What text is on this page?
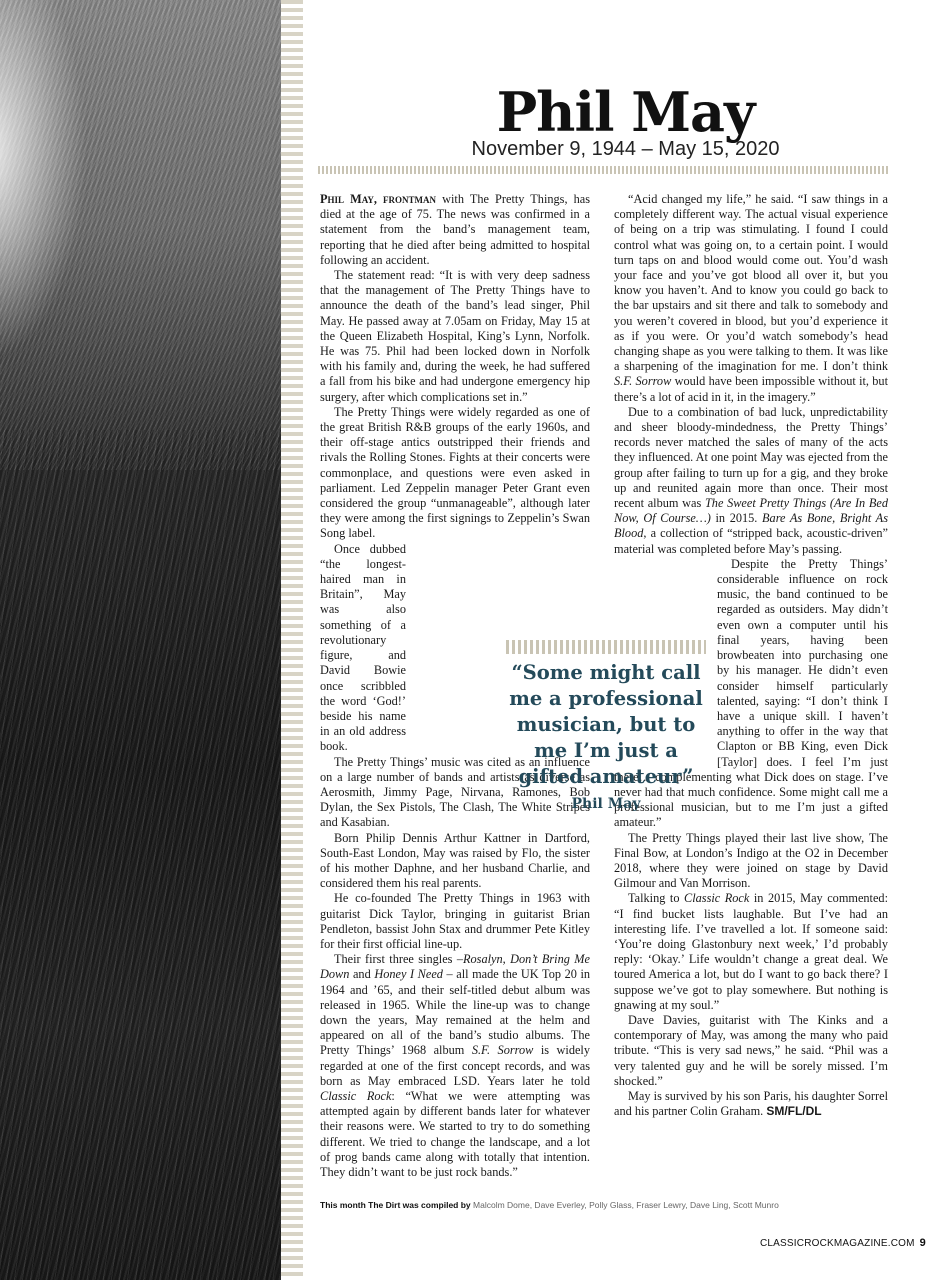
Phil May
November 9, 1944 – May 15, 2020

Phil May, frontman with The Pretty Things, has died at the age of 75. The news was confirmed in a statement from the band’s management team, reporting that he died after being admitted to hospital following an accident.

The statement read: “It is with very deep sadness that the management of The Pretty Things have to announce the death of the band’s lead singer, Phil May. He passed away at 7.05am on Friday, May 15 at the Queen Elizabeth Hospital, King’s Lynn, Norfolk. He was 75. Phil had been locked down in Norfolk with his family and, during the week, he had suffered a fall from his bike and had undergone emergency hip surgery, after which complications set in.”

The Pretty Things were widely regarded as one of the great British R&B groups of the early 1960s, and their off-stage antics outstripped their friends and rivals the Rolling Stones. Fights at their concerts were commonplace, and questions were even asked in parliament. Led Zeppelin manager Peter Grant even considered the group “unmanageable”, although later they were among the first signings to Zeppelin’s Swan Song label.

Once dubbed “the longest-haired man in Britain”, May was also something of a revolutionary figure, and David Bowie once scribbled the word ‘God!’ beside his name in an old address book.

The Pretty Things’ music was cited as an influence on a large number of bands and artists as diverse as Aerosmith, Jimmy Page, Nirvana, Ramones, Bob Dylan, the Sex Pistols, The Clash, The White Stripes and Kasabian.

Born Philip Dennis Arthur Kattner in Dartford, South-East London, May was raised by Flo, the sister of his mother Daphne, and her husband Charlie, and considered them his real parents.

He co-founded The Pretty Things in 1963 with guitarist Dick Taylor, bringing in guitarist Brian Pendleton, bassist John Stax and drummer Pete Kitley for their first official line-up.

Their first three singles –Rosalyn, Don’t Bring Me Down and Honey I Need – all made the UK Top 20 in 1964 and ’65, and their self-titled debut album was released in 1965. While the line-up was to change down the years, May remained at the helm and appeared on all of the band’s studio albums. The Pretty Things’ 1968 album S.F. Sorrow is widely regarded at one of the first concept records, and was born as May embraced LSD. Years later he told Classic Rock: “What we were attempting was attempted again by different bands later for whatever their reasons were. We started to try to do something different. We tried to change the landscape, and a lot of prog bands came along with totally that intention. They didn’t want to be just rock bands.”

“Acid changed my life,” he said. “I saw things in a completely different way. The actual visual experience of being on a trip was stimulating. I found I could control what was going on, to a certain point. I would turn taps on and blood would come out. You’d wash your face and you’ve got blood all over it, but you know you haven’t. And to know you could go back to the bar upstairs and sit there and talk to somebody and you weren’t covered in blood, but you’d experience it as if you were. Or you’d watch somebody’s head changing shape as you were talking to them. It was like a sharpening of the imagination for me. I don’t think S.F. Sorrow would have been impossible without it, but there’s a lot of acid in it, in the imagery.”

Due to a combination of bad luck, unpredictability and sheer bloody-mindedness, the Pretty Things’ records never matched the sales of many of the acts they influenced. At one point May was ejected from the group after failing to turn up for a gig, and they broke up and reunited again more than once. Their most recent album was The Sweet Pretty Things (Are In Bed Now, Of Course…) in 2015. Bare As Bone, Bright As Blood, a collection of “stripped back, acoustic-driven” material was completed before May’s passing.

Despite the Pretty Things’ considerable influence on rock music, the band continued to be regarded as outsiders. May didn’t even own a computer until his final years, having been browbeaten into purchasing one by his manager. He didn’t even consider himself particularly talented, saying: “I don’t think I have a unique skill. I haven’t anything to offer in the way that Clapton or BB King, even Dick [Taylor] does. I feel I’m just there… complementing what Dick does on stage. I’ve never had that much confidence. Some might call me a professional musician, but to me I’m just a gifted amateur.”

The Pretty Things played their last live show, The Final Bow, at London’s Indigo at the O2 in December 2018, where they were joined on stage by David Gilmour and Van Morrison.

Talking to Classic Rock in 2015, May commented: “I find bucket lists laughable. But I’ve had an interesting life. I’ve travelled a lot. If someone said: ‘You’re doing Glastonbury next week,’ I’d probably reply: ‘Okay.’ Life wouldn’t change a great deal. We toured America a lot, but do I want to go back there? I suppose we’ve got to play somewhere. But nothing is gnawing at my soul.”

Dave Davies, guitarist with The Kinks and a contemporary of May, was among the many who paid tribute. “This is very sad news,” he said. “Phil was a very talented guy and he will be sorely missed. I’m shocked.”

May is survived by his son Paris, his daughter Sorrel and his partner Colin Graham. SM/FL/DL

“Some might call me a professional musician, but to me I’m just a gifted amateur”
Phil May
This month The Dirt was compiled by Malcolm Dome, Dave Everley, Polly Glass, Fraser Lewry, Dave Ling, Scott Munro
CLASSICROCKMAGAZINE.COM 9
